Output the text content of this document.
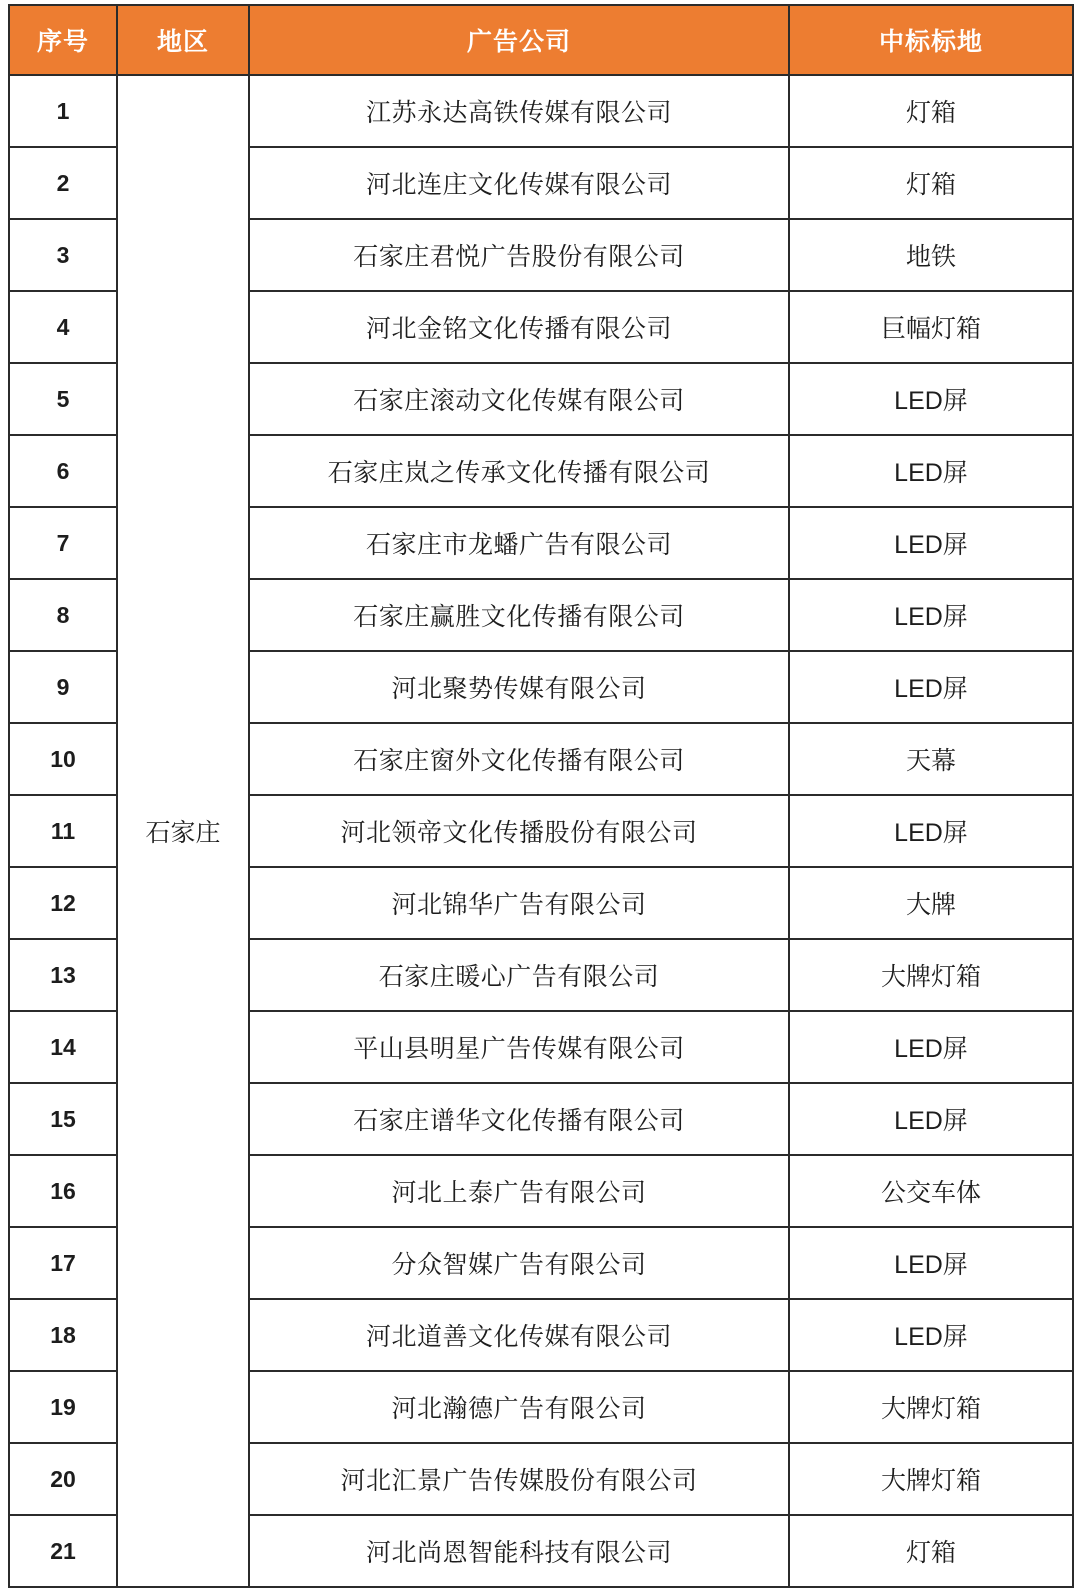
序号	地区	广告公司	中标标地
1	石家庄	江苏永达高铁传媒有限公司	灯箱
2		河北连庄文化传媒有限公司	灯箱
3		石家庄君悦广告股份有限公司	地铁
4		河北金铭文化传播有限公司	巨幅灯箱
5		石家庄滚动文化传媒有限公司	LED屏
6		石家庄岚之传承文化传播有限公司	LED屏
7		石家庄市龙蟠广告有限公司	LED屏
8		石家庄赢胜文化传播有限公司	LED屏
9		河北聚势传媒有限公司	LED屏
10		石家庄窗外文化传播有限公司	天幕
11		河北领帝文化传播股份有限公司	LED屏
12		河北锦华广告有限公司	大牌
13		石家庄暖心广告有限公司	大牌灯箱
14		平山县明星广告传媒有限公司	LED屏
15		石家庄谱华文化传播有限公司	LED屏
16		河北上泰广告有限公司	公交车体
17		分众智媒广告有限公司	LED屏
18		河北道善文化传媒有限公司	LED屏
19		河北瀚德广告有限公司	大牌灯箱
20		河北汇景广告传媒股份有限公司	大牌灯箱
21		河北尚恩智能科技有限公司	灯箱
